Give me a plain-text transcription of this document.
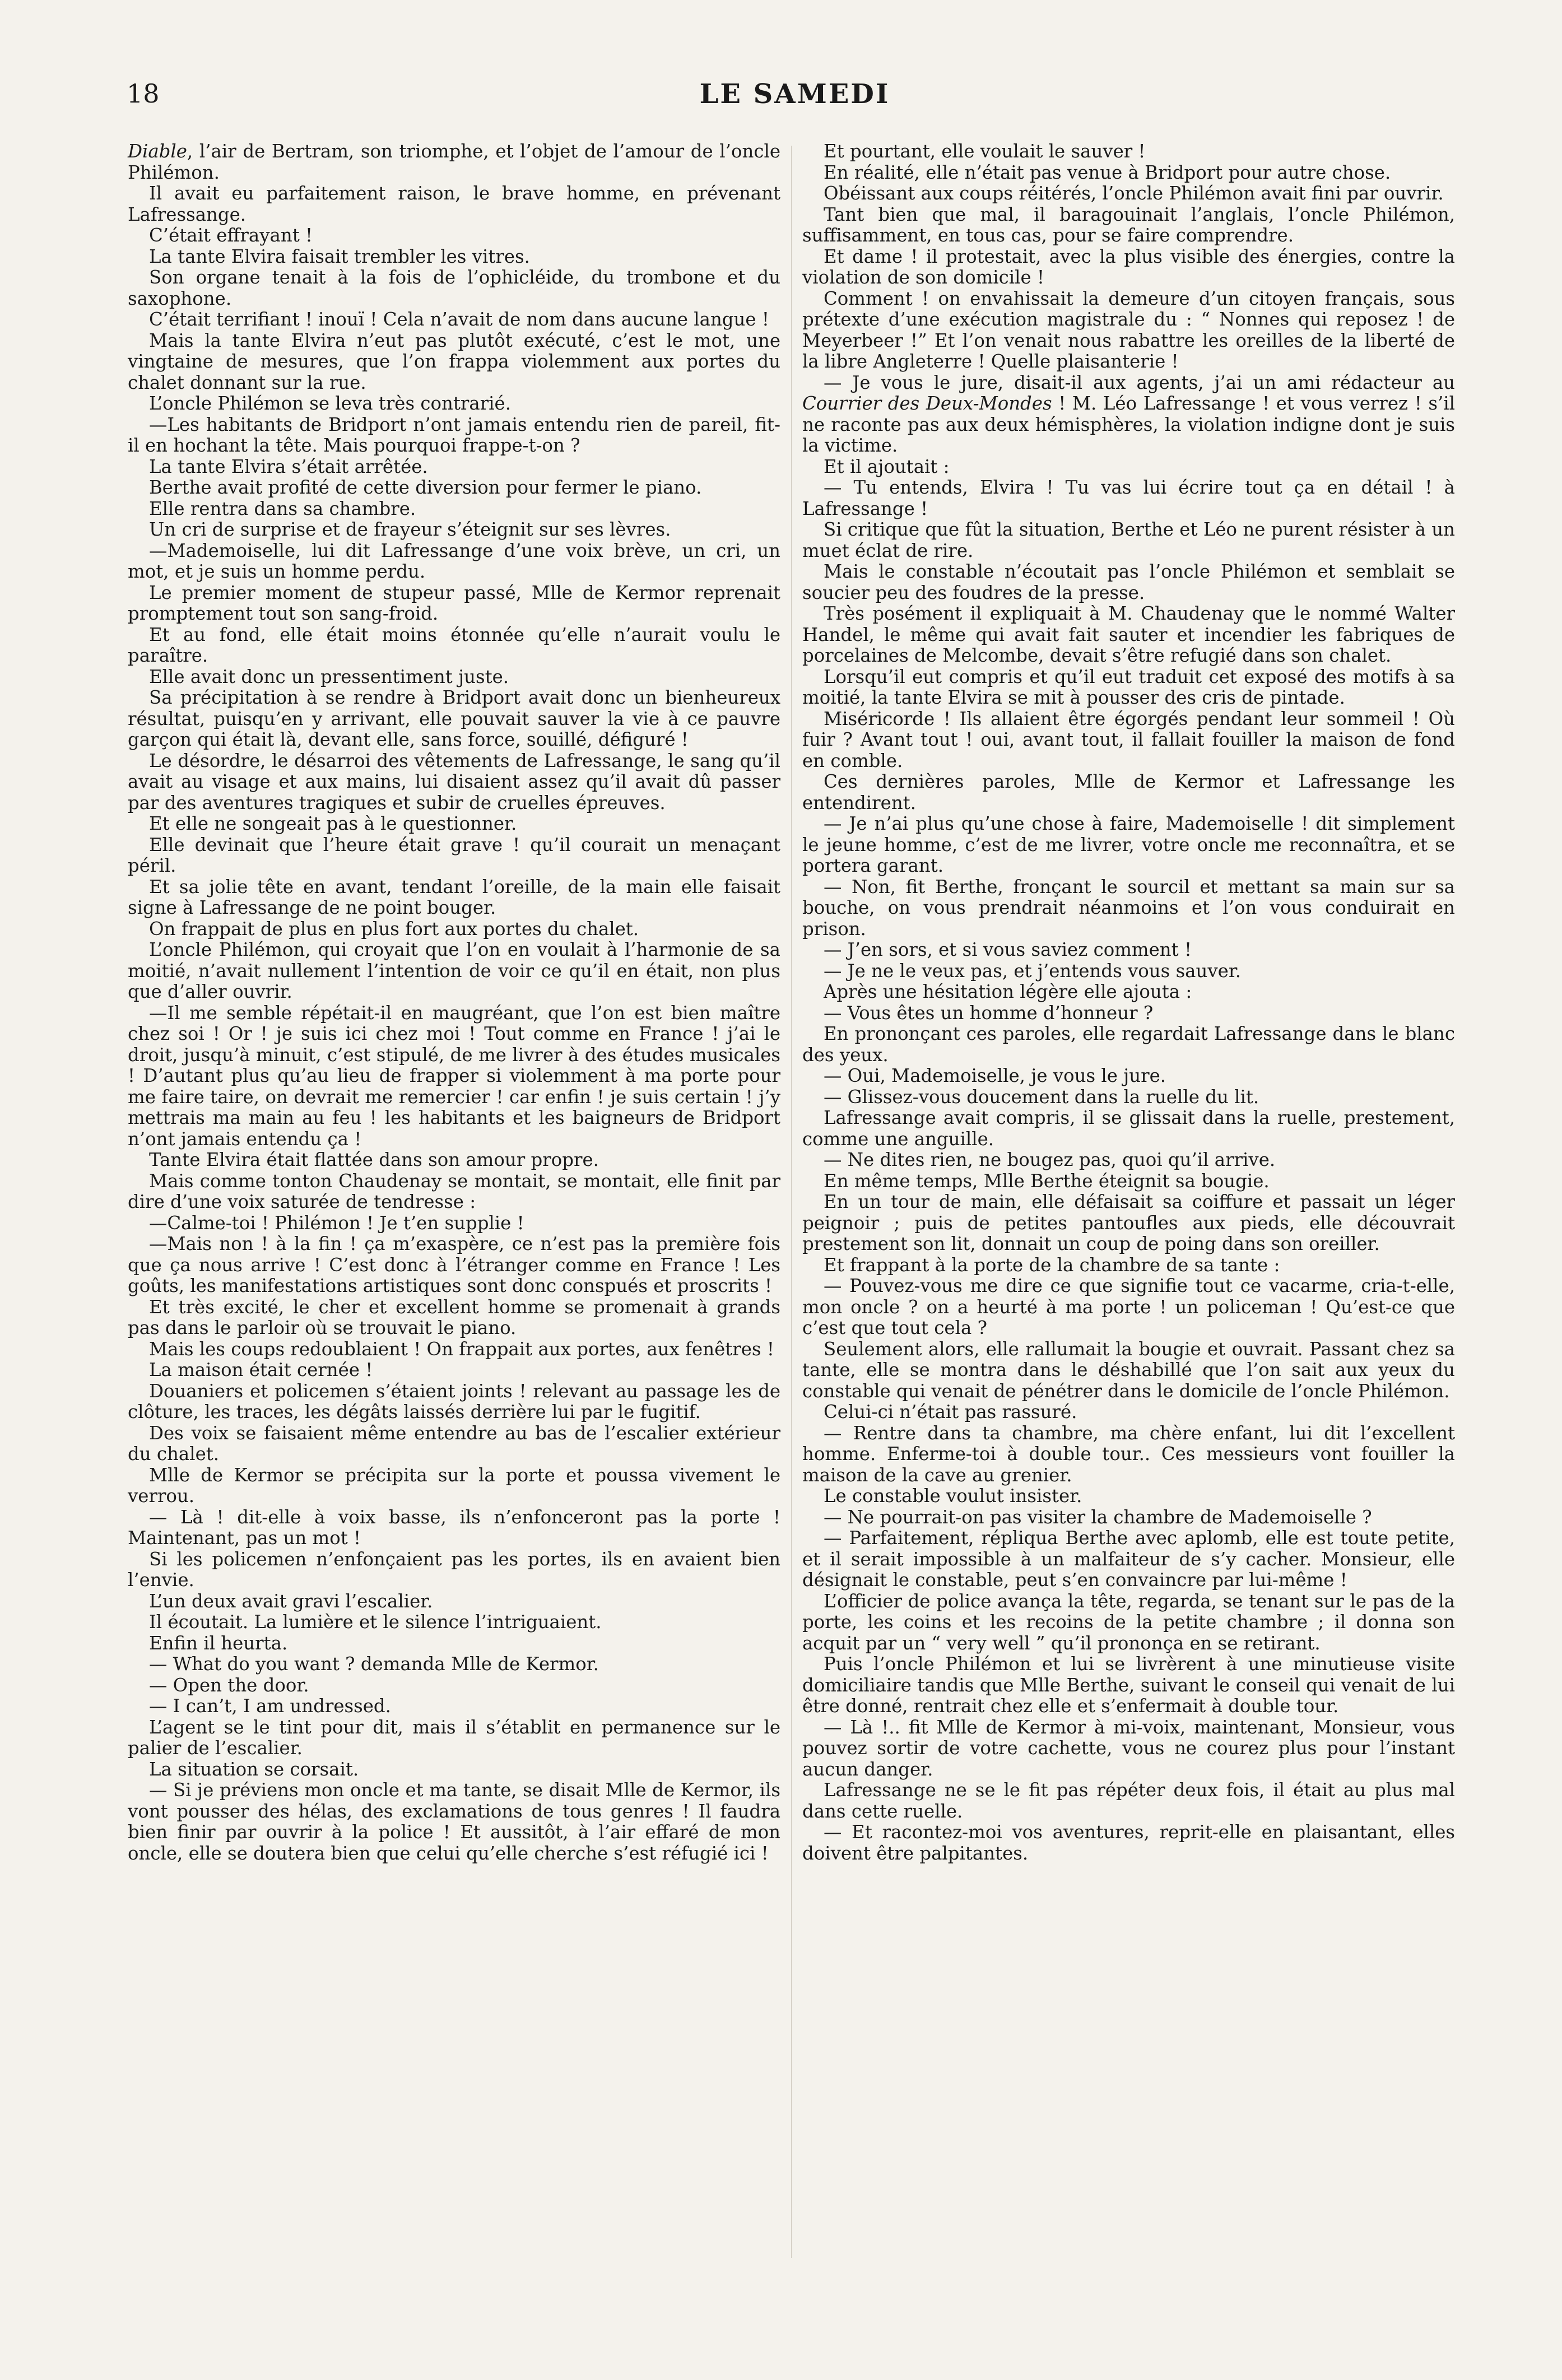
18	LE SAMEDI

Diable, l’air de Bertram, son triomphe, et l’objet de l’amour de l’oncle Philémon.

Il avait eu parfaitement raison, le brave homme, en prévenant Lafressange.

C’était effrayant !

La tante Elvira faisait trembler les vitres.

Son organe tenait à la fois de l’ophicléide, du trombone et du saxophone.

C’était terrifiant ! inouï ! Cela n’avait de nom dans aucune langue !

Mais la tante Elvira n’eut pas plutôt exécuté, c’est le mot, une vingtaine de mesures, que l’on frappa violemment aux portes du chalet donnant sur la rue.

L’oncle Philémon se leva très contrarié.

—Les habitants de Bridport n’ont jamais entendu rien de pareil, fit-il en hochant la tête. Mais pourquoi frappe-t-on ?

La tante Elvira s’était arrêtée.

Berthe avait profité de cette diversion pour fermer le piano.

Elle rentra dans sa chambre.

Un cri de surprise et de frayeur s’éteignit sur ses lèvres.

—Mademoiselle, lui dit Lafressange d’une voix brève, un cri, un mot, et je suis un homme perdu.

Le premier moment de stupeur passé, Mlle de Kermor reprenait promptement tout son sang-froid.

Et au fond, elle était moins étonnée qu’elle n’aurait voulu le paraître.

Elle avait donc un pressentiment juste.

Sa précipitation à se rendre à Bridport avait donc un bienheureux résultat, puisqu’en y arrivant, elle pouvait sauver la vie à ce pauvre garçon qui était là, devant elle, sans force, souillé, défiguré !

Le désordre, le désarroi des vêtements de Lafressange, le sang qu’il avait au visage et aux mains, lui disaient assez qu’il avait dû passer par des aventures tragiques et subir de cruelles épreuves.

Et elle ne songeait pas à le questionner.

Elle devinait que l’heure était grave ! qu’il courait un menaçant péril.

Et sa jolie tête en avant, tendant l’oreille, de la main elle faisait signe à Lafressange de ne point bouger.

On frappait de plus en plus fort aux portes du chalet.

L’oncle Philémon, qui croyait que l’on en voulait à l’harmonie de sa moitié, n’avait nullement l’intention de voir ce qu’il en était, non plus que d’aller ouvrir.

—Il me semble répétait-il en maugréant, que l’on est bien maître chez soi ! Or ! je suis ici chez moi ! Tout comme en France ! j’ai le droit, jusqu’à minuit, c’est stipulé, de me livrer à des études musicales ! D’autant plus qu’au lieu de frapper si violemment à ma porte pour me faire taire, on devrait me remercier ! car enfin ! je suis certain ! j’y mettrais ma main au feu ! les habitants et les baigneurs de Bridport n’ont jamais entendu ça !

Tante Elvira était flattée dans son amour propre.

Mais comme tonton Chaudenay se montait, se montait, elle finit par dire d’une voix saturée de tendresse :

—Calme-toi ! Philémon ! Je t’en supplie !

—Mais non ! à la fin ! ça m’exaspère, ce n’est pas la première fois que ça nous arrive ! C’est donc à l’étranger comme en France ! Les goûts, les manifestations artistiques sont donc conspués et proscrits !

Et très excité, le cher et excellent homme se promenait à grands pas dans le parloir où se trouvait le piano.

Mais les coups redoublaient ! On frappait aux portes, aux fenêtres !

La maison était cernée !

Douaniers et policemen s’étaient joints ! relevant au passage les de clôture, les traces, les dégâts laissés derrière lui par le fugitif.

Des voix se faisaient même entendre au bas de l’escalier extérieur du chalet.

Mlle de Kermor se précipita sur la porte et poussa vivement le verrou.

— Là ! dit-elle à voix basse, ils n’enfonceront pas la porte ! Maintenant, pas un mot !

Si les policemen n’enfonçaient pas les portes, ils en avaient bien l’envie.

L’un deux avait gravi l’escalier.

Il écoutait. La lumière et le silence l’intriguaient.

Enfin il heurta.

— What do you want ? demanda Mlle de Kermor.

— Open the door.

— I can’t, I am undressed.

L’agent se le tint pour dit, mais il s’établit en permanence sur le palier de l’escalier.

La situation se corsait.

— Si je préviens mon oncle et ma tante, se disait Mlle de Kermor, ils vont pousser des hélas, des exclamations de tous genres ! Il faudra bien finir par ouvrir à la police ! Et aussitôt, à l’air effaré de mon oncle, elle se doutera bien que celui qu’elle cherche s’est réfugié ici !

Et pourtant, elle voulait le sauver !

En réalité, elle n’était pas venue à Bridport pour autre chose.

Obéissant aux coups réitérés, l’oncle Philémon avait fini par ouvrir.

Tant bien que mal, il baragouinait l’anglais, l’oncle Philémon, suffisamment, en tous cas, pour se faire comprendre.

Et dame ! il protestait, avec la plus visible des énergies, contre la violation de son domicile !

Comment ! on envahissait la demeure d’un citoyen français, sous prétexte d’une exécution magistrale du : “ Nonnes qui reposez ! de Meyerbeer !” Et l’on venait nous rabattre les oreilles de la liberté de la libre Angleterre ! Quelle plaisanterie !

— Je vous le jure, disait-il aux agents, j’ai un ami rédacteur au Courrier des Deux-Mondes ! M. Léo Lafressange ! et vous verrez ! s’il ne raconte pas aux deux hémisphères, la violation indigne dont je suis la victime.

Et il ajoutait :

— Tu entends, Elvira ! Tu vas lui écrire tout ça en détail ! à Lafressange !

Si critique que fût la situation, Berthe et Léo ne purent résister à un muet éclat de rire.

Mais le constable n’écoutait pas l’oncle Philémon et semblait se soucier peu des foudres de la presse.

Très posément il expliquait à M. Chaudenay que le nommé Walter Handel, le même qui avait fait sauter et incendier les fabriques de porcelaines de Melcombe, devait s’être refugié dans son chalet.

Lorsqu’il eut compris et qu’il eut traduit cet exposé des motifs à sa moitié, la tante Elvira se mit à pousser des cris de pintade.

Miséricorde ! Ils allaient être égorgés pendant leur sommeil ! Où fuir ? Avant tout ! oui, avant tout, il fallait fouiller la maison de fond en comble.

Ces dernières paroles, Mlle de Kermor et Lafressange les entendirent.

— Je n’ai plus qu’une chose à faire, Mademoiselle ! dit simplement le jeune homme, c’est de me livrer, votre oncle me reconnaîtra, et se portera garant.

— Non, fit Berthe, fronçant le sourcil et mettant sa main sur sa bouche, on vous prendrait néanmoins et l’on vous conduirait en prison.

— J’en sors, et si vous saviez comment !

— Je ne le veux pas, et j’entends vous sauver.

Après une hésitation légère elle ajouta :

— Vous êtes un homme d’honneur ?

En prononçant ces paroles, elle regardait Lafressange dans le blanc des yeux.

— Oui, Mademoiselle, je vous le jure.

— Glissez-vous doucement dans la ruelle du lit.

Lafressange avait compris, il se glissait dans la ruelle, prestement, comme une anguille.

— Ne dites rien, ne bougez pas, quoi qu’il arrive.

En même temps, Mlle Berthe éteignit sa bougie.

En un tour de main, elle défaisait sa coiffure et passait un léger peignoir ; puis de petites pantoufles aux pieds, elle découvrait prestement son lit, donnait un coup de poing dans son oreiller.

Et frappant à la porte de la chambre de sa tante :

— Pouvez-vous me dire ce que signifie tout ce vacarme, cria-t-elle, mon oncle ? on a heurté à ma porte ! un policeman ! Qu’est-ce que c’est que tout cela ?

Seulement alors, elle rallumait la bougie et ouvrait. Passant chez sa tante, elle se montra dans le déshabillé que l’on sait aux yeux du constable qui venait de pénétrer dans le domicile de l’oncle Philémon.

Celui-ci n’était pas rassuré.

— Rentre dans ta chambre, ma chère enfant, lui dit l’excellent homme. Enferme-toi à double tour.. Ces messieurs vont fouiller la maison de la cave au grenier.

Le constable voulut insister.

— Ne pourrait-on pas visiter la chambre de Mademoiselle ?

— Parfaitement, répliqua Berthe avec aplomb, elle est toute petite, et il serait impossible à un malfaiteur de s’y cacher. Monsieur, elle désignait le constable, peut s’en convaincre par lui-même !

L’officier de police avança la tête, regarda, se tenant sur le pas de la porte, les coins et les recoins de la petite chambre ; il donna son acquit par un “ very well ” qu’il prononça en se retirant.

Puis l’oncle Philémon et lui se livrèrent à une minutieuse visite domiciliaire tandis que Mlle Berthe, suivant le conseil qui venait de lui être donné, rentrait chez elle et s’enfermait à double tour.

— Là !.. fit Mlle de Kermor à mi-voix, maintenant, Monsieur, vous pouvez sortir de votre cachette, vous ne courez plus pour l’instant aucun danger.

Lafressange ne se le fit pas répéter deux fois, il était au plus mal dans cette ruelle.

— Et racontez-moi vos aventures, reprit-elle en plaisantant, elles doivent être palpitantes.
